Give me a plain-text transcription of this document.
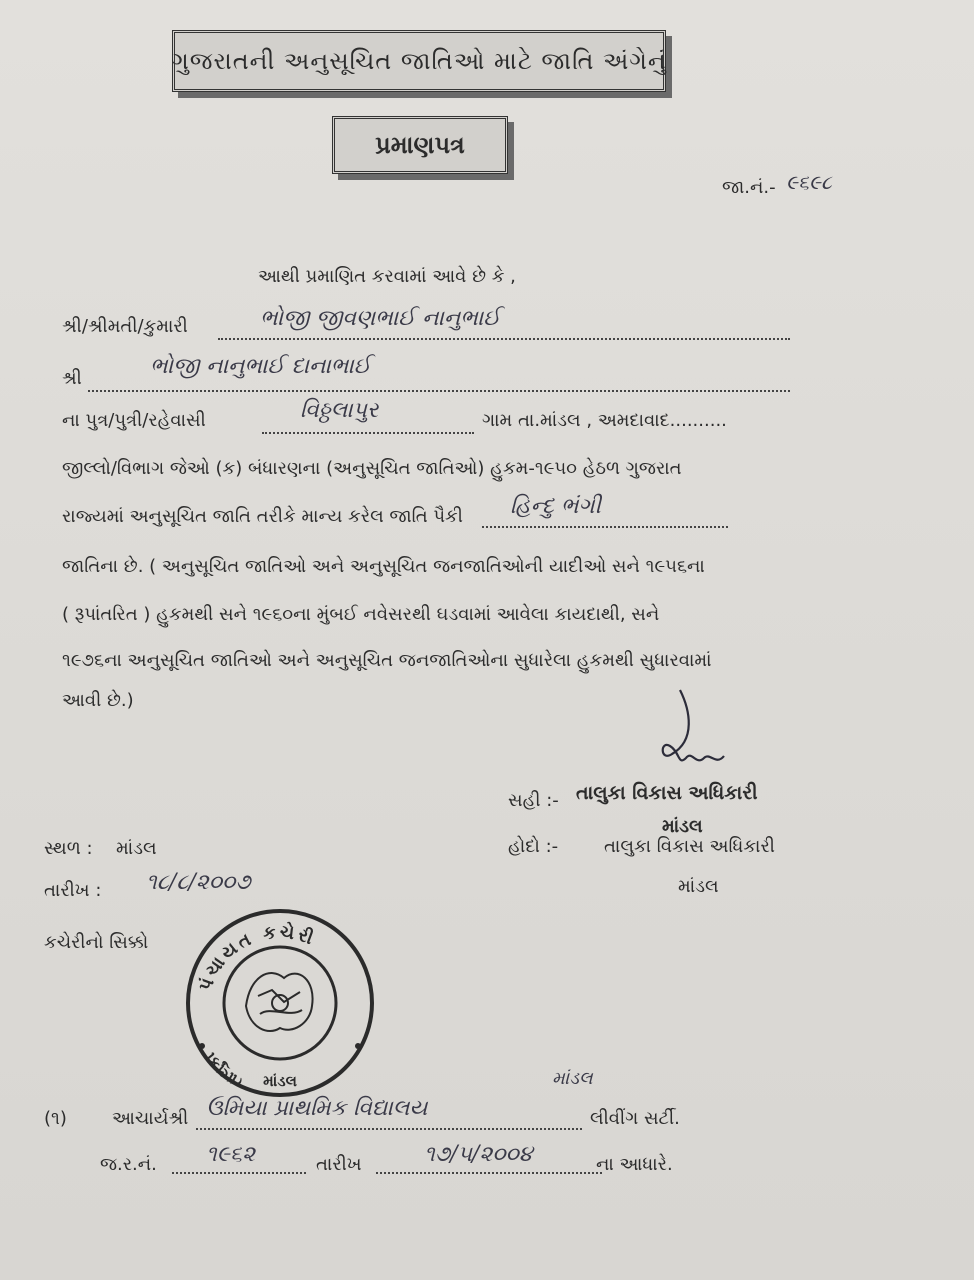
ગુજરાતની અનુસૂચિત જાતિઓ માટે જાતિ અંગેનું
પ્રમાણપત્ર
જા.નં.- ૯૬૯૮
આથી પ્રમાણિત કરવામાં આવે છે કે ,
શ્રી/શ્રીમતી/કુમારી	ભોજી જીવણભાઈ નાનુભાઈ
શ્રી	ભોજી નાનુભાઈ દાનાભાઈ
ના પુત્ર/પુત્રી/રહેવાસી	વિઠ્ઠલાપુર	ગામ તા.માંડલ , અમદાવાદ..........
જીલ્લો/વિભાગ જેઓ (ક) બંધારણના (અનુસૂચિત જાતિઓ) હુકમ-૧૯૫૦ હેઠળ ગુજરાત
રાજ્યમાં અનુસૂચિત જાતિ તરીકે માન્ય કરેલ જાતિ પૈકી હિન્દુ ભંગી
જાતિના છે. ( અનુસૂચિત જાતિઓ અને અનુસૂચિત જનજાતિઓની યાદીઓ સને ૧૯૫૬ના
( રૂપાંતરિત ) હુકમથી સને ૧૯૬૦ના મુંબઈ નવેસરથી ઘડવામાં આવેલા કાયદાથી, સને
૧૯૭૬ના અનુસૂચિત જાતિઓ અને અનુસૂચિત જનજાતિઓના સુધારેલા હુકમથી સુધારવામાં
આવી છે.)
સહી :- તાલુકા વિકાસ અધિકારી
માંડલ
હોદો :-	તાલુકા વિકાસ અધિકારી
માંડલ
સ્થળ : માંડલ
તારીખ : ૧૮/૮/૨૦૦૭
કચેરીનો સિક્કો
પંચાયત કચેરી
તાલુકા
માંડલ
(૧)	આચાર્યશ્રી ઉમિયા પ્રાથમિક વિદ્યાલય
માંડલ
લીવીંગ સર્ટી.
જ.ર.નં. ૧૯૬૨	તારીખ	૧૭/૫/૨૦૦૪	ના આધારે.
